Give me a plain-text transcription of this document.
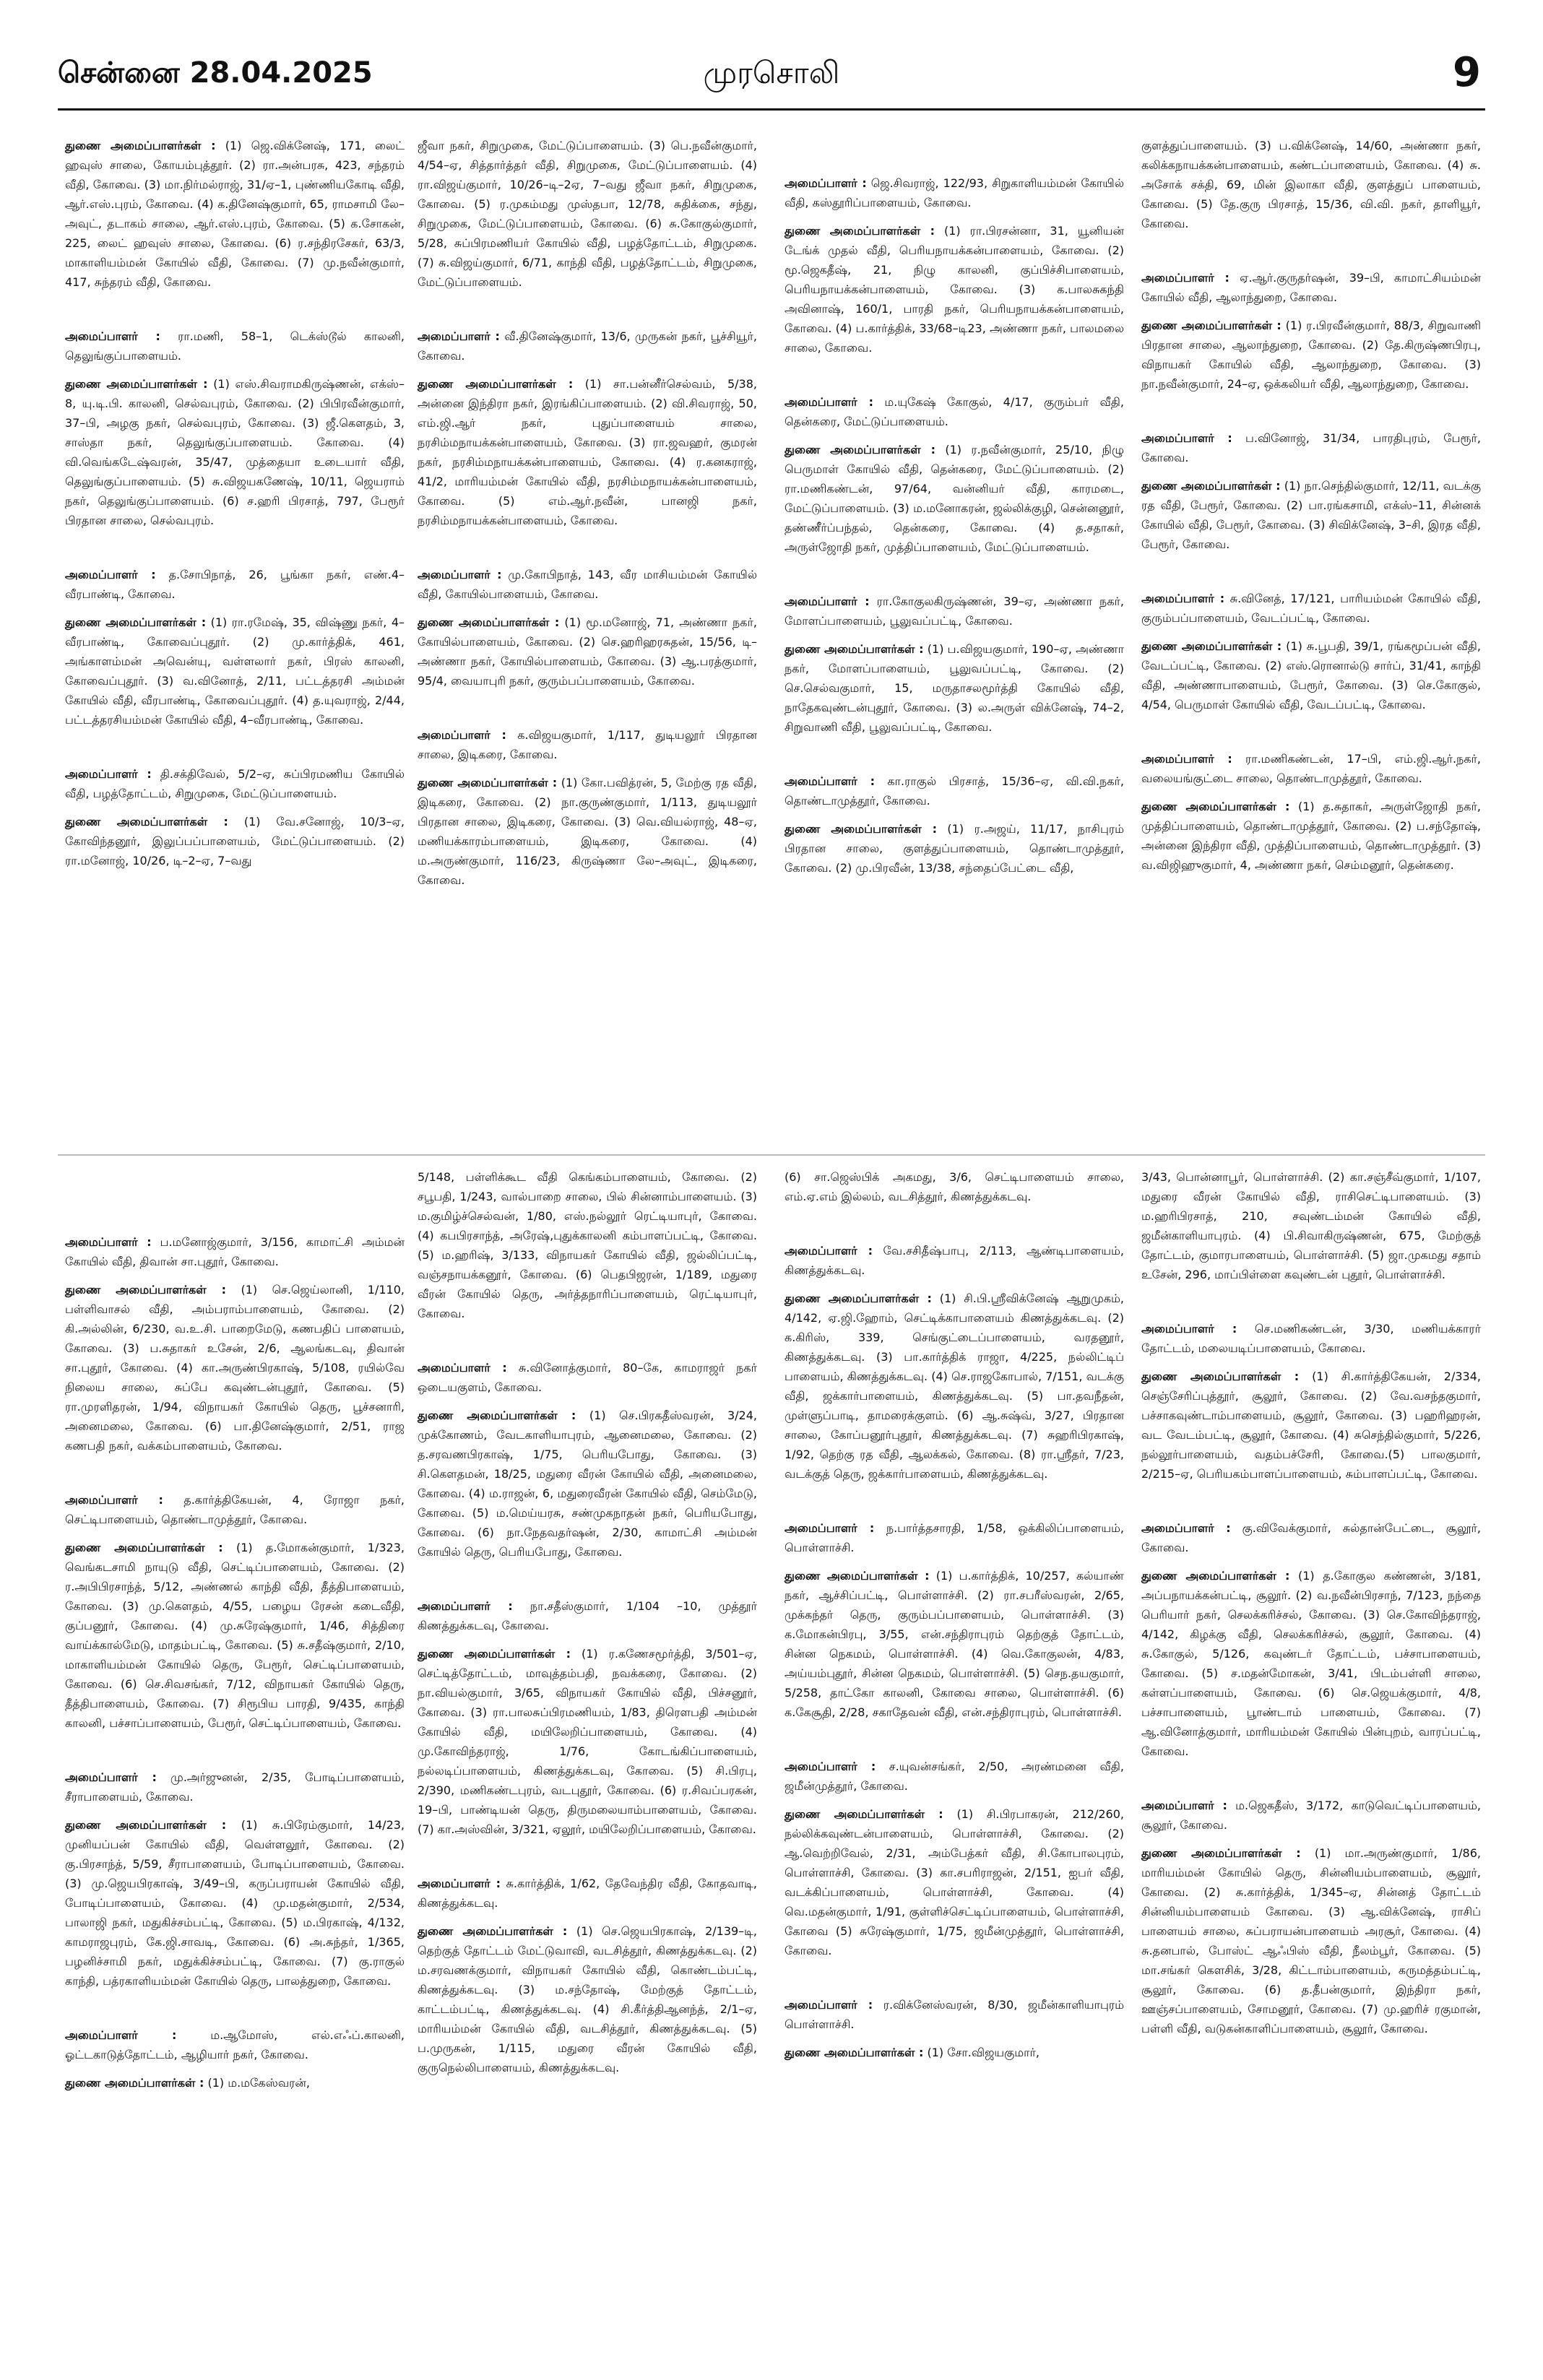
சென்னை 28.04.2025	முரசொலி	9

துணை அமைப்பாளர்கள் : (1) ஜெ.விக்னேஷ், 171, லைட் ஹவுஸ் சாலை, கோயம்புத்தூர். (2) ரா.அன்பரசு, 423, சந்தரம் வீதி, கோவை. (3) மா.நிர்மல்ராஜ், 31/ஏ–1, புண்ணியகோடி வீதி, ஆர்.எஸ்.புரம், கோவை. (4) க.தினேஷ்குமார், 65, ராமசாமி லே–அவுட், தடாகம் சாலை, ஆர்.எஸ்.புரம், கோவை. (5) க.சோகன், 225, லைட் ஹவுஸ் சாலை, கோவை. (6) ர.சந்திரசேகர், 63/3, மாகாளியம்மன் கோயில் வீதி, கோவை. (7) மு.நவீன்குமார், 417, சுந்தரம் வீதி, கோவை.

அமைப்பாளர் : ரா.மணி, 58–1, டெக்ஸ்டூல் காலனி, தெலுங்குப்பாளையம்.

துணை அமைப்பாளர்கள் : (1) எஸ்.சிவராமகிருஷ்ணன், எக்ஸ்–8, யு.டி.பி. காலனி, செல்வபுரம், கோவை. (2) பிபிரவீன்குமார், 37–பி, அழகு நகர், செல்வபுரம், கோவை. (3) ஜீ.கௌதம், 3, சாஸ்தா நகர், தெலுங்குப்பாளையம். கோவை. (4) வி.வெங்கடேஷ்வரன், 35/47, முத்தையா உடையார் வீதி, தெலுங்குப்பாளையம். (5) சு.விஜயகணேஷ், 10/11, ஜெயராம் நகர், தெலுங்குப்பாளையம். (6) ச.ஹரி பிரசாத், 797, பேரூர் பிரதான சாலை, செல்வபுரம்.

அமைப்பாளர் : த.சோபிநாத், 26, பூங்கா நகர், எண்.4–வீரபாண்டி, கோவை.

துணை அமைப்பாளர்கள் : (1) ரா.ரமேஷ், 35, விஷ்ணு நகர், 4–வீரபாண்டி, கோவைப்புதூர். (2) மு.கார்த்திக், 461, அங்காளம்மன் அவென்யு, வள்ளலார் நகர், பிரஸ் காலனி, கோவைப்புதூர். (3) வ.வினோத், 2/11, பட்டத்தரசி அம்மன் கோயில் வீதி, வீரபாண்டி, கோவைப்புதூர். (4) த.யுவராஜ், 2/44, பட்டத்தரசியம்மன் கோயில் வீதி, 4–வீரபாண்டி, கோவை.

அமைப்பாளர் : தி.சக்திவேல், 5/2–ஏ, சுப்பிரமணிய கோயில் வீதி, பழத்தோட்டம், சிறுமுகை, மேட்டுப்பாளையம்.

துணை அமைப்பாளர்கள் : (1) வே.சனோஜ், 10/3–ஏ, கோவிந்தனூர், இலுப்பப்பாளையம், மேட்டுப்பாளையம். (2) ரா.மனோஜ், 10/26, டி–2–ஏ, 7–வது

ஜீவா நகர், சிறுமுகை, மேட்டுப்பாளையம். (3) பெ.நவீன்குமார், 4/54–ஏ, சித்தார்த்தர் வீதி, சிறுமுகை, மேட்டுப்பாளையம். (4) ரா.விஜய்குமார், 10/26–டி–2ஏ, 7–வது ஜீவா நகர், சிறுமுகை, கோவை. (5) ர.முகம்மது முஸ்தபா, 12/78, சுதிக்கை, சந்து, சிறுமுகை, மேட்டுப்பாளையம், கோவை. (6) சு.கோகுல்குமார், 5/28, சுப்பிரமணியர் கோயில் வீதி, பழத்தோட்டம், சிறுமுகை. (7) சு.விஜய்குமார், 6/71, காந்தி வீதி, பழத்தோட்டம், சிறுமுகை, மேட்டுப்பாளையம்.

அமைப்பாளர் : வீ.தினேஷ்குமார், 13/6, முருகன் நகர், பூச்சியூர், கோவை.

துணை அமைப்பாளர்கள் : (1) சா.பன்னீர்செல்வம், 5/38, அன்னை இந்திரா நகர், இரங்கிப்பாளையம். (2) வி.சிவராஜ், 50, எம்.ஜி.ஆர் நகர், புதுப்பாளையம் சாலை, நரசிம்மநாயக்கன்பாளையம், கோவை. (3) ரா.ஜவஹர், குமரன் நகர், நரசிம்மநாயக்கன்பாளையம், கோவை. (4) ர.கனகராஜ், 41/2, மாரியம்மன் கோயில் வீதி, நரசிம்மநாயக்கன்பாளையம், கோவை. (5) எம்.ஆர்.நவீன், பானஜி நகர், நரசிம்மநாயக்கன்பாளையம், கோவை.

அமைப்பாளர் : மு.கோபிநாத், 143, வீர மாசியம்மன் கோயில் வீதி, கோயில்பாளையம், கோவை.

துணை அமைப்பாளர்கள் : (1) மூ.மனோஜ், 71, அண்ணா நகர், கோயில்பாளையம், கோவை. (2) செ.ஹரிஹரசுதன், 15/56, டி–அண்ணா நகர், கோயில்பாளையம், கோவை. (3) ஆ.பரத்குமார், 95/4, வையாபுரி நகர், குரும்பப்பாளையம், கோவை.

அமைப்பாளர் : க.விஜயகுமார், 1/117, துடியலூர் பிரதான சாலை, இடிகரை, கோவை.

துணை அமைப்பாளர்கள் : (1) கோ.பவித்ரன், 5, மேற்கு ரத வீதி, இடிகரை, கோவை. (2) நா.குருண்குமார், 1/113, துடியலூர் பிரதான சாலை, இடிகரை, கோவை. (3) வெ.வியல்ராஜ், 48–ஏ, மணியக்காரம்பாளையம், இடிகரை, கோவை. (4) ம.அருண்குமார், 116/23, கிருஷ்ணா லே–அவுட், இடிகரை, கோவை.

அமைப்பாளர் : ஜெ.சிவராஜ், 122/93, சிறுகாளியம்மன் கோயில் வீதி, கஸ்தூரிப்பாளையம், கோவை.

துணை அமைப்பாளர்கள் : (1) ரா.பிரசன்னா, 31, யூனியன் டேங்க் முதல் வீதி, பெரியநாயக்கன்பாளையம், கோவை. (2) மூ.ஜெகதீஷ், 21, நிழு காலனி, குப்பிச்சிபாளையம், பெரியநாயக்கன்பாளையம், கோவை. (3) க.பாலசுகந்தி அவினாஷ், 160/1, பாரதி நகர், பெரியநாயக்கன்பாளையம், கோவை. (4) ப.கார்த்திக், 33/68–டி23, அண்ணா நகர், பாலமலை சாலை, கோவை.

அமைப்பாளர் : ம.யுகேஷ் கோகுல், 4/17, குரும்பர் வீதி, தென்கரை, மேட்டுப்பாளையம்.

துணை அமைப்பாளர்கள் : (1) ர.நவீன்குமார், 25/10, நிழு பெருமாள் கோயில் வீதி, தென்கரை, மேட்டுப்பாளையம். (2) ரா.மணிகண்டன், 97/64, வன்னியர் வீதி, காரமடை, மேட்டுப்பாளையம். (3) ம.மனோகரன், ஜல்லிக்குழி, சென்னனூர், தண்ணீர்ப்பந்தல், தென்கரை, கோவை. (4) த.சதாகர், அருள்ஜோதி நகர், முத்திப்பாளையம், மேட்டுப்பாளையம்.

அமைப்பாளர் : ரா.கோகுலகிருஷ்ணன், 39–ஏ, அண்ணா நகர், மோளப்பாளையம், பூலுவப்பட்டி, கோவை.

துணை அமைப்பாளர்கள் : (1) ப.விஜயகுமார், 190–ஏ, அண்ணா நகர், மோளப்பாளையம், பூலுவப்பட்டி, கோவை. (2) செ.செல்வகுமார், 15, மருதாசலமூர்த்தி கோயில் வீதி, நாதேகவுண்டன்புதூர், கோவை. (3) ல.அருள் விக்னேஷ், 74–2, சிறுவாணி வீதி, பூலுவப்பட்டி, கோவை.

அமைப்பாளர் : கா.ராகுல் பிரசாத், 15/36–ஏ, வி.வி.நகர், தொண்டாமுத்தூர், கோவை.

துணை அமைப்பாளர்கள் : (1) ர.அஜய், 11/17, நாசிபுரம் பிரதான சாலை, குளத்துப்பாளையம், தொண்டாமுத்தூர், கோவை. (2) மு.பிரவீன், 13/38, சந்தைப்பேட்டை வீதி,

குளத்துப்பாளையம். (3) ப.விக்னேஷ், 14/60, அண்ணா நகர், கலிக்கநாயக்கன்பாளையம், கண்டப்பாளையம், கோவை. (4) சு. அசோக் சக்தி, 69, மின் இலாகா வீதி, குளத்துப் பாளையம், கோவை. (5) தே.குரு பிரசாத், 15/36, வி.வி. நகர், தாளியூர், கோவை.

அமைப்பாளர் : ஏ.ஆர்.குருதர்ஷன், 39–பி, காமாட்சியம்மன் கோயில் வீதி, ஆலாந்துறை, கோவை.

துணை அமைப்பாளர்கள் : (1) ர.பிரவீன்குமார், 88/3, சிறுவாணி பிரதான சாலை, ஆலாந்துறை, கோவை. (2) தே.கிருஷ்ணபிரபு, விநாயகர் கோயில் வீதி, ஆலாந்துறை, கோவை. (3) நா.நவீன்குமார், 24–ஏ, ஒக்கலியர் வீதி, ஆலாந்துறை, கோவை.

அமைப்பாளர் : ப.வினோஜ், 31/34, பாரதிபுரம், பேரூர், கோவை.

துணை அமைப்பாளர்கள் : (1) நா.செந்தில்குமார், 12/11, வடக்கு ரத வீதி, பேரூர், கோவை. (2) பா.ரங்கசாமி, எக்ஸ்–11, சின்னக் கோயில் வீதி, பேரூர், கோவை. (3) சிவிக்னேஷ், 3–சி, இரத வீதி, பேரூர், கோவை.

அமைப்பாளர் : சு.வினேத், 17/121, பாரியம்மன் கோயில் வீதி, குரும்பப்பாளையம், வேடப்பட்டி, கோவை.

துணை அமைப்பாளர்கள் : (1) சு.பூபதி, 39/1, ரங்கமூப்பன் வீதி, வேடப்பட்டி, கோவை. (2) எஸ்.ரொனால்டு சார்ப், 31/41, காந்தி வீதி, அண்ணாபாளையம், பேரூர், கோவை. (3) செ.கோகுல், 4/54, பெருமாள் கோயில் வீதி, வேடப்பட்டி, கோவை.

அமைப்பாளர் : ரா.மணிகண்டன், 17–பி, எம்.ஜி.ஆர்.நகர், வலையங்குட்டை சாலை, தொண்டாமுத்தூர், கோவை.

துணை அமைப்பாளர்கள் : (1) த.சுதாகர், அருள்ஜோதி நகர், முத்திப்பாளையம், தொண்டாமுத்தூர், கோவை. (2) ப.சந்தோஷ், அன்னை இந்திரா வீதி, முத்திப்பாளையம், தொண்டாமுத்தூர். (3) வ.விஜிஹுகுமார், 4, அண்ணா நகர், செம்மனூர், தென்கரை.

அமைப்பாளர் : ப.மனோஜ்குமார், 3/156, காமாட்சி அம்மன் கோயில் வீதி, திவான் சா.புதூர், கோவை.

துணை அமைப்பாளர்கள் : (1) செ.ஜெய்லானி, 1/110, பள்ளிவாசல் வீதி, அம்பராம்பாளையம், கோவை. (2) கி.அல்லின், 6/230, வ.உ.சி. பாறைமேடு, கணபதிப் பாளையம், கோவை. (3) ப.சுதாகர் உசேன், 2/6, ஆலங்கடவு, திவான் சா.புதூர், கோவை. (4) கா.அருண்பிரகாஷ், 5/108, ரயில்வே நிலைய சாலை, சுப்பே கவுண்டன்புதூர், கோவை. (5) ரா.முரளிதரன், 1/94, விநாயகர் கோயில் தெரு, பூச்சனாரி, அனைமலை, கோவை. (6) பா.தினேஷ்குமார், 2/51, ராஜ கணபதி நகர், வக்கம்பாளையம், கோவை.

அமைப்பாளர் : த.கார்த்திகேயன், 4, ரோஜா நகர், செட்டிபாளையம், தொண்டாமுத்தூர், கோவை.

துணை அமைப்பாளர்கள் : (1) த.மோகன்குமார், 1/323, வெங்கடசாமி நாயுடு வீதி, செட்டிப்பாளையம், கோவை. (2) ர.அபிபிரசாந்த், 5/12, அண்ணல் காந்தி வீதி, தீத்திபாளையம், கோவை. (3) மு.கௌதம், 4/55, பழைய ரேசன் கடைவீதி, குப்பனூர், கோவை. (4) மு.சுரேஷ்குமார், 1/46, சித்திரை வாய்க்கால்மேடு, மாதம்பட்டி, கோவை. (5) சு.சதீஷ்குமார், 2/10, மாகாளியம்மன் கோயில் தெரு, பேரூர், செட்டிப்பாளையம், கோவை. (6) செ.சிவசங்கர், 7/12, விநாயகர் கோயில் தெரு, தீத்திபாளையம், கோவை. (7) சிரூபிய பாரதி, 9/435, காந்தி காலனி, பச்சாப்பாளையம், பேரூர், செட்டிப்பாளையம், கோவை.

அமைப்பாளர் : மு.அர்ஜுனன், 2/35, போடிப்பாளையம், சீராபாளையம், கோவை.

துணை அமைப்பாளர்கள் : (1) சு.பிரேம்குமார், 14/23, முனியப்பன் கோயில் வீதி, வெள்ளலூர், கோவை. (2) கு.பிரசாந்த், 5/59, சீராபாளையம், போடிப்பாளையம், கோவை. (3) மு.ஜெயபிரகாஷ், 3/49–பி, கருப்பராயன் கோயில் வீதி, போடிப்பாளையம், கோவை. (4) மு.மதன்குமார், 2/534, பாலாஜி நகர், மதுகிச்சம்பட்டி, கோவை. (5) ம.பிரகாஷ், 4/132, காமராஜபுரம், கே.ஜி.சாவடி, கோவை. (6) அ.சுந்தர், 1/365, பழனிச்சாமி நகர், மதுக்கிச்சம்பட்டி, கோவை. (7) கு.ராகுல் காந்தி, பத்ரகாளியம்மன் கோயில் தெரு, பாலத்துறை, கோவை.

அமைப்பாளர் :	ம.ஆமோஸ், எல்.எஃப்.காலனி, ஓட்டகாடுத்தோட்டம், ஆழியார் நகர், கோவை.

துணை அமைப்பாளர்கள் : (1) ம.மகேஸ்வரன்,

5/148, பள்ளிக்கூட வீதி கெங்கம்பாளையம், கோவை. (2) சபூபதி, 1/243, வால்பாறை சாலை, பில் சின்னாம்பாளையம். (3) ம.குமிழ்ச்செல்வன், 1/80, எஸ்.நல்லூர் ரெட்டியாபுர், கோவை. (4) கபபிரசாந்த், அரேஷ்,புதுக்காலனி கம்பாளப்பட்டி, கோவை. (5) ம.ஹரிஷ், 3/133, விநாயகர் கோயில் வீதி, ஜல்லிப்பட்டி, வஞ்சநாயக்கனூர், கோவை. (6) பெதபிஜரன், 1/189, மதுரை வீரன் கோயில் தெரு, அர்த்தநாரிப்பாளையம், ரெட்டியாபுர், கோவை.

அமைப்பாளர் : சு.வினோத்குமார், 80–கே, காமராஜர் நகர் ஒடையகுளம், கோவை.

துணை அமைப்பாளர்கள் : (1) செ.பிரகதீஸ்வரன், 3/24, முக்கோணம், வேடகாளியாபுரம், ஆனைமலை, கோவை. (2) த.சரவணபிரகாஷ், 1/75, பெரியபோது, கோவை. (3) சி.கௌதமன், 18/25, மதுரை வீரன் கோயில் வீதி, அனைமலை, கோவை. (4) ம.ராஜன், 6, மதுரைவீரன் கோயில் வீதி, செம்மேடு, கோவை. (5) ம.மெய்யரசு, சண்முகநாதன் நகர், பெரியபோது, கோவை. (6) நா.நேதவதர்ஷன், 2/30, காமாட்சி அம்மன் கோயில் தெரு, பெரியபோது, கோவை.

அமைப்பாளர் : நா.சதீஸ்குமார், 1/104 –10, முத்தூர் கிணத்துக்கடவு, கோவை.

துணை அமைப்பாளர்கள் : (1) ர.கணேசமூர்த்தி, 3/501–ஏ, செட்டித்தோட்டம், மாவுத்தம்பதி, நவக்கரை, கோவை. (2) நா.வியல்குமார், 3/65, விநாயகர் கோயில் வீதி, பிச்சனூர், கோவை. (3) ரா.பாலசுப்பிரமணியம், 1/83, திரௌபதி அம்மன் கோயில் வீதி, மயிலேறிப்பாளையம், கோவை. (4) மு.கோவிந்தராஜ், 1/76, கோடங்கிப்பாளையம், நல்லடிப்பாளையம், கிணத்துக்கடவு, கோவை. (5) சி.பிரபு, 2/390, மணிகண்டபுரம், வடபுதூர், கோவை. (6) ர.சிவப்பரகன், 19–பி, பாண்டியன் தெரு, திருமலையாம்பாளையம், கோவை. (7) கா.அஸ்வின், 3/321, ஏலூர், மயிலேறிப்பாளையம், கோவை.

அமைப்பாளர் : சு.கார்த்திக், 1/62, தேவேந்திர வீதி, கோதவாடி, கிணத்துக்கடவு.

துணை அமைப்பாளர்கள் : (1) செ.ஜெயபிரகாஷ், 2/139–டி, தெற்குத் தோட்டம் மேட்டுவாவி, வடசித்தூர், கிணத்துக்கடவு. (2) ம.சரவணக்குமார், விநாயகர் கோயில் வீதி, கொண்டம்பட்டி, கிணத்துக்கடவு. (3) ம.சந்தோஷ், மேற்குத் தோட்டம், காட்டம்பட்டி, கிணத்துக்கடவு. (4) சி.கீர்த்திஆனந்த், 2/1–ஏ, மாரியம்மன் கோயில் வீதி, வடசித்தூர், கிணத்துக்கடவு. (5) ப.முருகன், 1/115, மதுரை வீரன் கோயில் வீதி, குருநெல்லிபாளையம், கிணத்துக்கடவு.

(6) சா.ஜெஸ்பிக் அகமது, 3/6, செட்டிபாளையம் சாலை, எம்.ஏ.எம் இல்லம், வடசித்தூர், கிணத்துக்கடவு.

அமைப்பாளர் : வே.சசிதீஷ்பாபு, 2/113, ஆண்டிபாளையம், கிணத்துக்கடவு.

துணை அமைப்பாளர்கள் : (1) சி.பி.ஸ்ரீவிக்னேஷ் ஆறுமுகம், 4/142, ஏ.ஜி.ஹோம், செட்டிக்காபாளையம் கிணத்துக்கடவு. (2) க.கிரிஸ், 339, செங்குட்டைப்பாளையம், வரதனூர், கிணத்துக்கடவு. (3) பா.கார்த்திக் ராஜா, 4/225, நல்லிட்டிப் பாளையம், கிணத்துக்கடவு. (4) செ.ராஜகோபால், 7/151, வடக்கு வீதி, ஜக்கார்பாளையம், கிணத்துக்கடவு. (5) பா.தவநீதன், முள்ளுப்பாடி, தாமரைக்குளம். (6) ஆ.சுஷ்வ், 3/27, பிரதான சாலை, கோப்பனூர்புதூர், கிணத்துக்கடவு. (7) சுஹரிபிரகாஷ், 1/92, தெற்கு ரத வீதி, ஆலக்கல், கோவை. (8) ரா.ஸ்ரீதர், 7/23, வடக்குத் தெரு, ஜக்கார்பாளையம், கிணத்துக்கடவு.

அமைப்பாளர் : ந.பார்த்தசாரதி, 1/58, ஒக்கிலிப்பாளையம், பொள்ளாச்சி.

துணை அமைப்பாளர்கள் : (1) ப.கார்த்திக், 10/257, கல்யாண் நகர், ஆச்சிப்பட்டி, பொள்ளாச்சி. (2) ரா.சபரீஸ்வரன், 2/65, முக்கந்தர் தெரு, குரும்பப்பாளையம், பொள்ளாச்சி. (3) க.மோகன்பிரபு, 3/55, என்.சந்திராபுரம் தெற்குத் தோட்டம், சின்ன நெகமம், பொள்ளாச்சி. (4) வெ.கோகுலன், 4/83, அய்யம்புதூர், சின்ன நெகமம், பொள்ளாச்சி. (5) செந.தயகுமார், 5/258, தாட்கோ காலனி, கோவை சாலை, பொள்ளாச்சி. (6) க.கேசூதி, 2/28, சகாதேவன் வீதி, என்.சந்திராபுரம், பொள்ளாச்சி.

அமைப்பாளர் : ச.யுவன்சங்கர், 2/50, அரண்மனை வீதி, ஜமீன்முத்தூர், கோவை.

துணை அமைப்பாளர்கள் : (1) சி.பிரபாகரன், 212/260, நல்லிக்கவுண்டன்பாளையம், பொள்ளாச்சி, கோவை. (2) ஆ.வெற்றிவேல், 2/31, அம்பேத்கர் வீதி, சி.கோபாலபுரம், பொள்ளாச்சி, கோவை. (3) கா.சபரிராஜன், 2/151, ஐபர் வீதி, வடக்கிப்பாளையம், பொள்ளாச்சி, கோவை. (4) வெ.மதன்குமார், 1/91, குள்ளிச்செட்டிப்பாளையம், பொள்ளாச்சி, கோவை (5) சுரேஷ்குமார், 1/75, ஜமீன்முத்தூர், பொள்ளாச்சி, கோவை.

அமைப்பாளர் : ர.விக்னேஸ்வரன், 8/30, ஜமீன்காளியாபுரம் பொள்ளாச்சி.

துணை அமைப்பாளர்கள் : (1) சோ.விஜயகுமார்,

3/43, பொன்னாபூர், பொள்ளாச்சி. (2) கா.சஞ்சீவ்குமார், 1/107, மதுரை வீரன் கோயில் வீதி, ராசிசெட்டிபாளையம். (3) ம.ஹரிபிரசாத், 210, சவுண்டம்மன் கோயில் வீதி, ஜமீன்காளியாபுரம். (4) பி.சிவாகிருஷ்ணன், 675, மேற்குத் தோட்டம், குமாரபாளையம், பொள்ளாச்சி. (5) ஜா.முகமது சதாம் உசேன், 296, மாப்பிள்ளை கவுண்டன் புதூர், பொள்ளாச்சி.

அமைப்பாளர் : செ.மணிகண்டன், 3/30, மணியக்காரர் தோட்டம், மலையடிப்பாளையம், கோவை.

துணை அமைப்பாளர்கள் : (1) சி.கார்த்திகேயன், 2/334, செஞ்சேரிப்புத்தூர், சூலூர், கோவை. (2) வே.வசந்தகுமார், பச்சாகவுண்டாம்பாளையம், சூலூர், கோவை. (3) பஹரிஹரன், வட வேடம்பட்டி, சூலூர், கோவை. (4) சுசெந்தில்குமார், 5/226, நல்லூர்பாளையம், வதம்பச்சேரி, கோவை.(5) பாலகுமார், 2/215–ஏ, பெரியகம்பாளப்பாளையம், சும்பாளப்பட்டி, கோவை.

அமைப்பாளர் : கு.விவேக்குமார், சுல்தான்பேட்டை, சூலூர், கோவை.

துணை அமைப்பாளர்கள் : (1) த.கோகுல கண்ணன், 3/181, அப்பநாயக்கன்பட்டி, சூலூர். (2) வ.நவீன்பிரசாந், 7/123, நந்தை பெரியார் நகர், செலக்கரிச்சல், கோவை. (3) செ.கோவிந்தராஜ், 4/142, கிழக்கு வீதி, செலக்கரிச்சல், சூலூர், கோவை. (4) சு.கோகுல், 5/126, கவுண்டர் தோட்டம், பச்சாபாளையம், கோவை. (5) ச.மதன்மோகன், 3/41, பிடம்பள்ளி சாலை, கள்ளப்பாளையம், கோவை. (6) செ.ஜெயக்குமார், 4/8, பச்சாபாளையம், பூாண்டாம் பாளையம், கோவை. (7) ஆ.வினோத்குமார், மாரியம்மன் கோயில் பின்புறம், வாரப்பட்டி, கோவை.

அமைப்பாளர் : ம.ஜெகதீஸ், 3/172, காடுவெட்டிப்பாளையம், சூலூர், கோவை.

துணை அமைப்பாளர்கள் : (1) மா.அருண்குமார், 1/86, மாரியம்மன் கோயில் தெரு, சின்னியம்பாளையம், சூலூர், கோவை. (2) சு.கார்த்திக், 1/345–ஏ, சின்னத் தோட்டம் சின்னியம்பாளையம் கோவை. (3) ஆ.விக்னேஷ், ராசிப் பாளையம் சாலை, சுப்பராயன்பாளையம் அரசூர், கோவை. (4) சு.தனபால், போஸ்ட் ஆஃபிஸ் வீதி, நீலம்பூர், கோவை. (5) மா.சங்கர் கௌசிக், 3/28, கிட்டாம்பாளையம், கருமத்தம்பட்டி, சூலூர், கோவை. (6) த.தீபன்குமார், இந்திரா நகர், ஊஞ்சப்பாளையம், சோமனூர், கோவை. (7) மு.ஹரிச் ரகுமான், பள்ளி வீதி, வடுகன்காளிப்பாளையம், சூலூர், கோவை.
